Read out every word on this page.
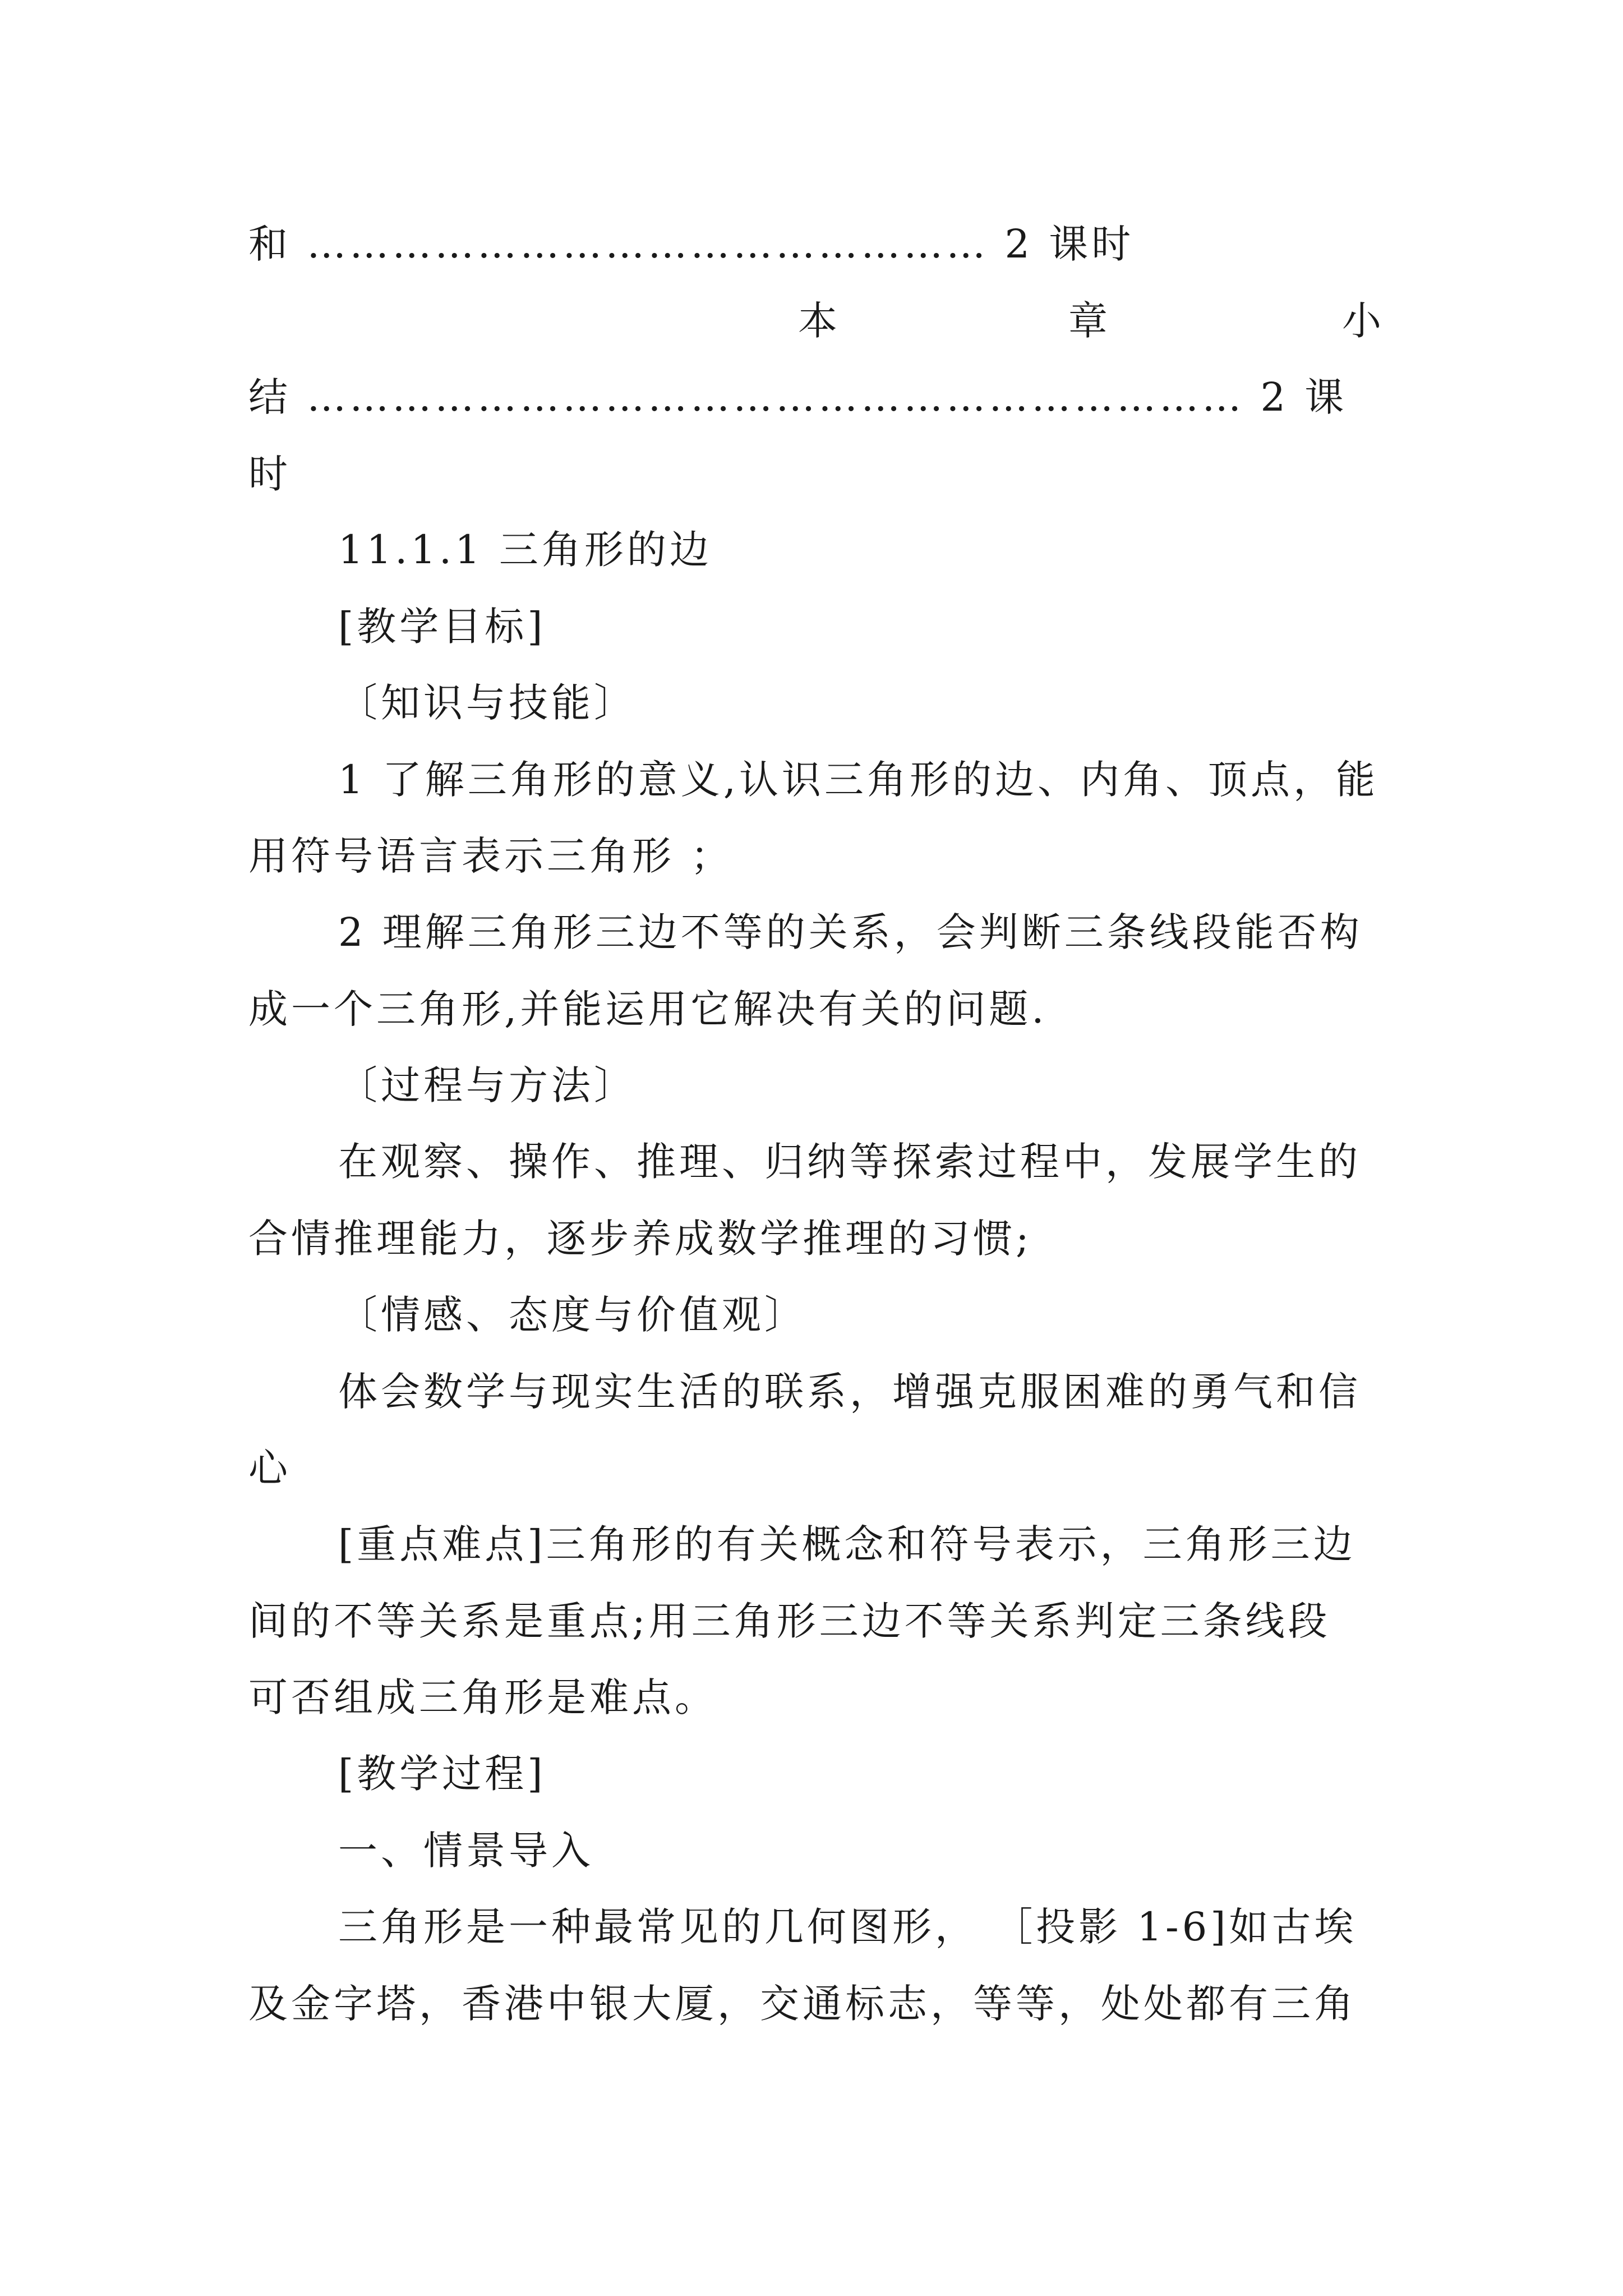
和 ………………………………………… 2 课时
本	章	小
结 ………………………………………………………… 2 课
时
11.1.1 三角形的边
[教学目标]
〔知识与技能〕
1 了解三角形的意义,认识三角形的边、内角、顶点，能
用符号语言表示三角形 ；
2 理解三角形三边不等的关系，会判断三条线段能否构
成一个三角形,并能运用它解决有关的问题.
〔过程与方法〕
在观察、操作、推理、归纳等探索过程中，发展学生的
合情推理能力，逐步养成数学推理的习惯;
〔情感、态度与价值观〕
体会数学与现实生活的联系，增强克服困难的勇气和信
心
[重点难点]三角形的有关概念和符号表示，三角形三边
间的不等关系是重点;用三角形三边不等关系判定三条线段
可否组成三角形是难点。
[教学过程]
一、情景导入
三角形是一种最常见的几何图形， ［投影 1-6]如古埃
及金字塔，香港中银大厦，交通标志，等等，处处都有三角
